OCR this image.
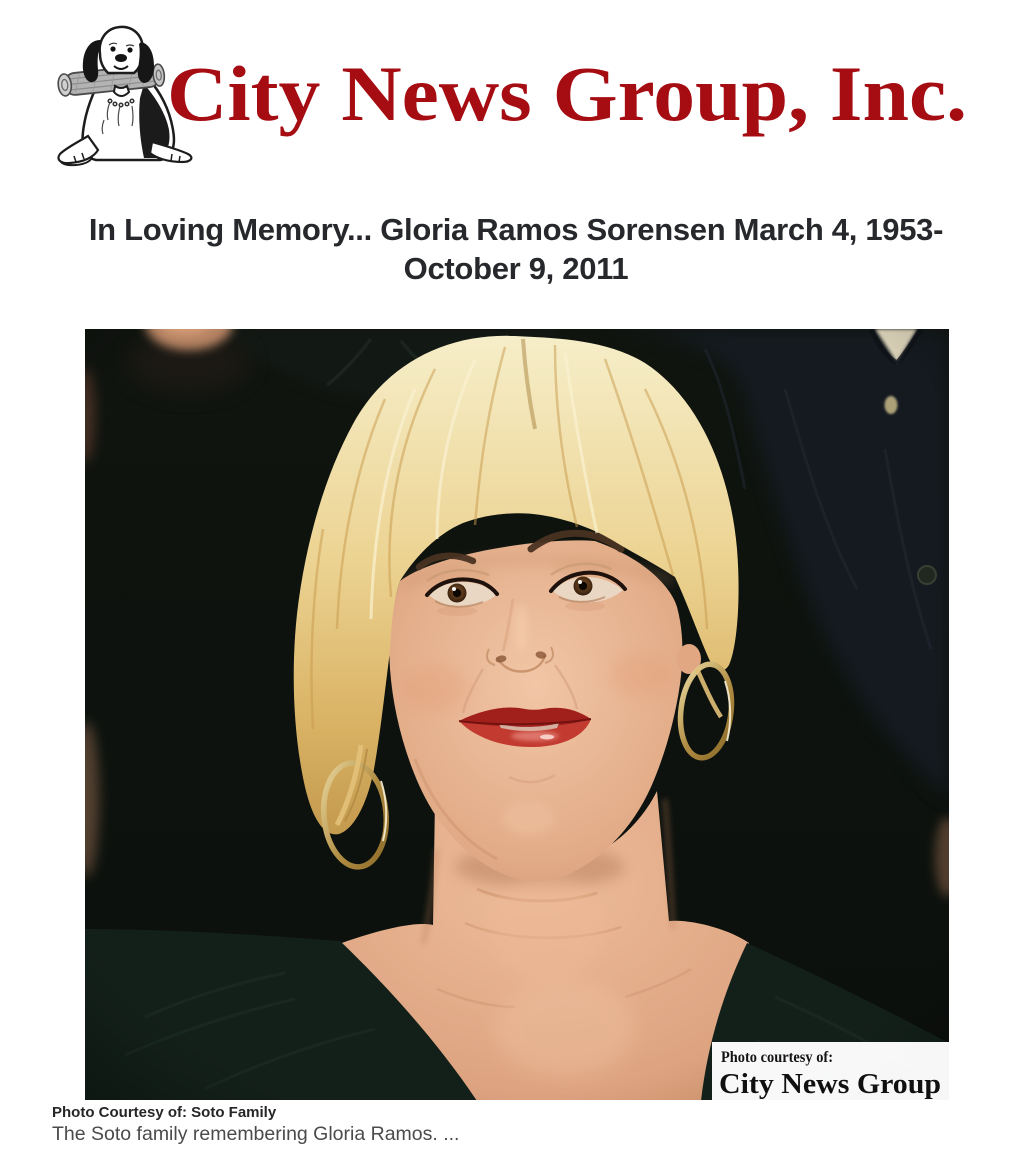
City News Group, Inc.
In Loving Memory... Gloria Ramos Sorensen March 4, 1953-
October 9, 2011
Photo courtesy of:
City News Group
Photo Courtesy of: Soto Family
The Soto family remembering Gloria Ramos. ...
